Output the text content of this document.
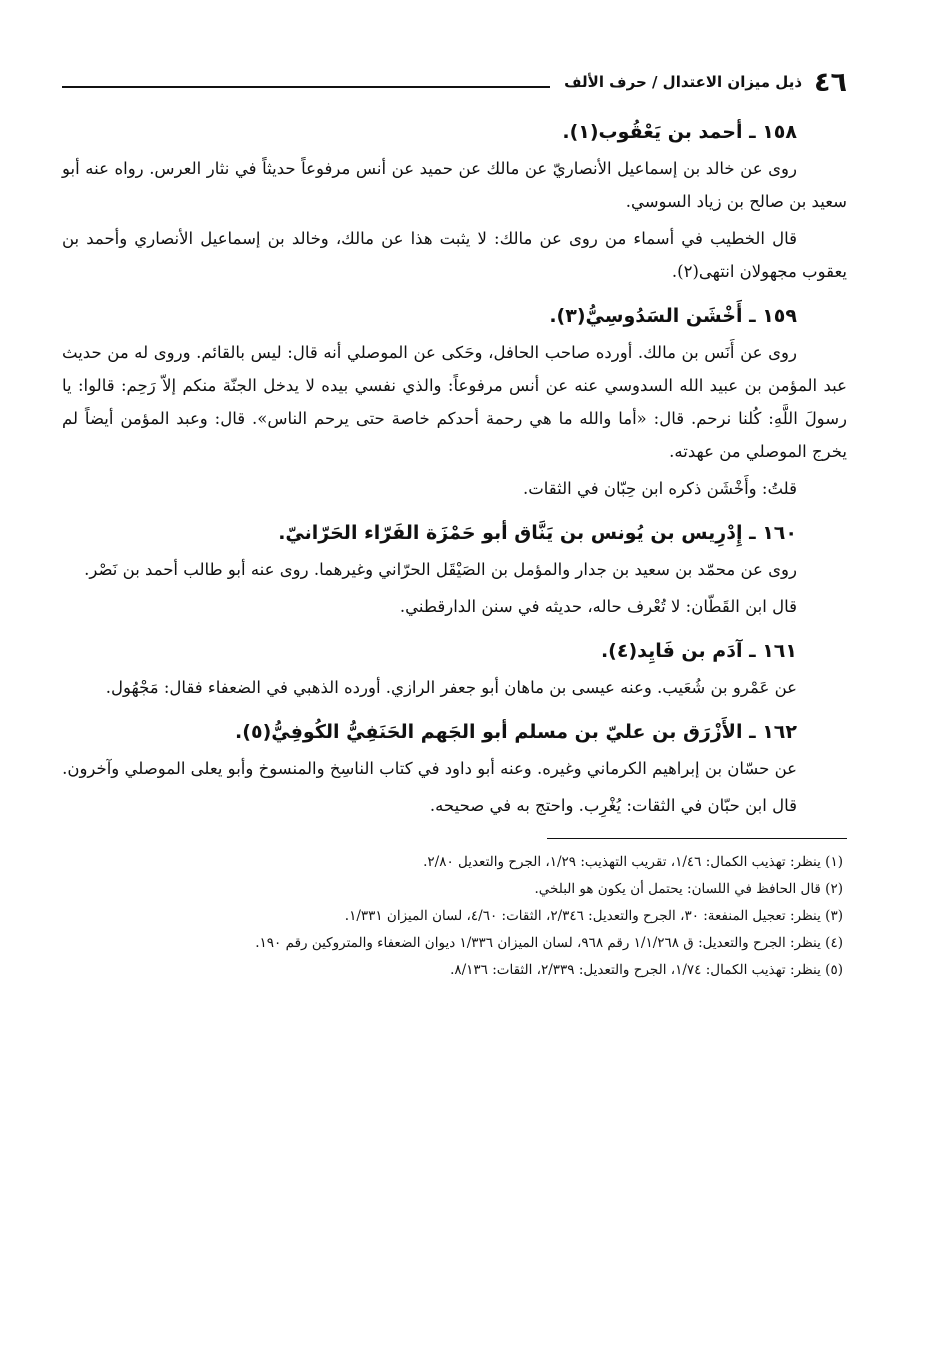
٤٦
ذيل ميزان الاعتدال / حرف الألف
١٥٨ ـ أحمد بن يَعْقُوب(١).

روى عن خالد بن إسماعيل الأنصاريّ عن مالك عن حميد عن أنس مرفوعاً حديثاً في نثار العرس. رواه عنه أبو سعيد بن صالح بن زياد السوسي.

قال الخطيب في أسماء من روى عن مالك: لا يثبت هذا عن مالك، وخالد بن إسماعيل الأنصاري وأحمد بن يعقوب مجهولان انتهى(٢).

١٥٩ ـ أَخْشَن السَدُوسِيُّ(٣).

روى عن أَنَس بن مالك. أورده صاحب الحافل، وحَكى عن الموصلي أنه قال: ليس بالقائم. وروى له من حديث عبد المؤمن بن عبيد الله السدوسي عنه عن أنس مرفوعاً: والذي نفسي بيده لا يدخل الجنّة منكم إلاّ رَحِم: قالوا: يا رسولَ اللَّهِ: كُلنا نرحم. قال: «أما والله ما هي رحمة أحدكم خاصة حتى يرحم الناس». قال: وعبد المؤمن أيضاً لم يخرج الموصلي من عهدته.

قلتُ: وأَخْشَن ذكره ابن حِبّان في الثقات.

١٦٠ ـ إِدْرِيس بن يُونس بن يَنَّاق أبو حَمْزَة الفَرّاء الحَرّانيّ.

روى عن محمّد بن سعيد بن جدار والمؤمل بن الصَيْقَل الحرّاني وغيرهما. روى عنه أبو طالب أحمد بن نَصْر.

قال ابن القَطّان: لا تُعْرف حاله، حديثه في سنن الدارقطني.

١٦١ ـ آدَم بن فَايِد(٤).

عن عَمْرو بن شُعَيب. وعنه عيسى بن ماهان أبو جعفر الرازي. أورده الذهبي في الضعفاء فقال: مَجْهُول.

١٦٢ ـ الأَزْرَق بن عليّ بن مسلم أبو الجَهم الحَنَفِيُّ الكُوفِيُّ(٥).

عن حسّان بن إبراهيم الكرماني وغيره. وعنه أبو داود في كتاب الناسِخ والمنسوخ وأبو يعلى الموصلي وآخرون.

قال ابن حبّان في الثقات: يُغْرِب. واحتج به في صحيحه.

(١) ينظر: تهذيب الكمال: ١/٤٦، تقريب التهذيب: ١/٢٩، الجرح والتعديل ٢/٨٠.

(٢) قال الحافظ في اللسان: يحتمل أن يكون هو البلخي.

(٣) ينظر: تعجيل المنفعة: ٣٠، الجرح والتعديل: ٢/٣٤٦، الثقات: ٤/٦٠، لسان الميزان ١/٣٣١.

(٤) ينظر: الجرح والتعديل: ق ١/١/٢٦٨ رقم ٩٦٨، لسان الميزان ١/٣٣٦ ديوان الضعفاء والمتروكين رقم ١٩٠.

(٥) ينظر: تهذيب الكمال: ١/٧٤، الجرح والتعديل: ٢/٣٣٩، الثقات: ٨/١٣٦.
